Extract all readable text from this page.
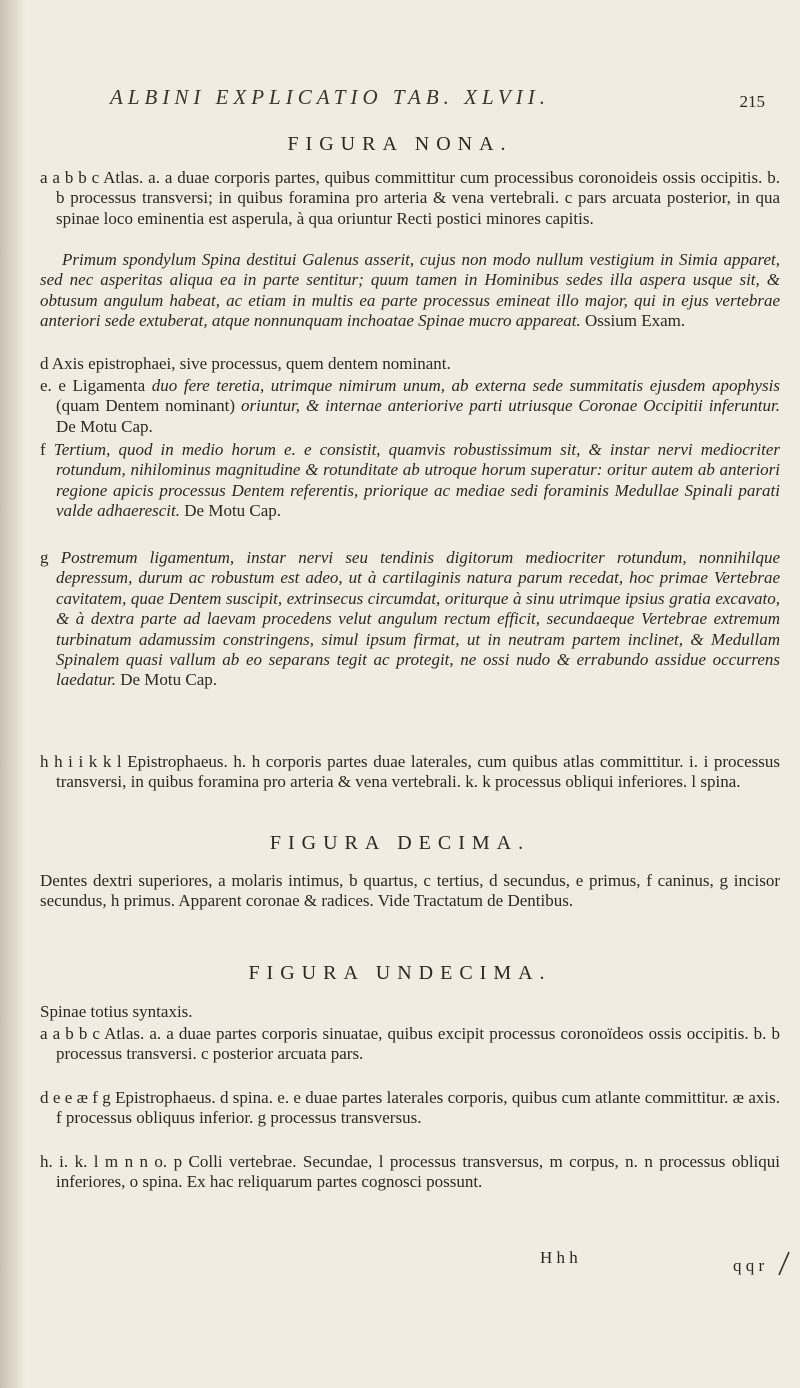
ALBINI EXPLICATIO TAB. XLVII.	215
FIGURA NONA.

a a b b c Atlas. a. a duae corporis partes, quibus committitur cum processibus coronoideis ossis occipitis. b. b processus transversi; in quibus foramina pro arteria & vena vertebrali. c pars arcuata posterior, in qua spinae loco eminentia est asperula, à qua oriuntur Recti postici minores capitis.

Primum spondylum Spina destitui Galenus asserit, cujus non modo nullum vestigium in Simia apparet, sed nec asperitas aliqua ea in parte sentitur; quum tamen in Hominibus sedes illa aspera usque sit, & obtusum angulum habeat, ac etiam in multis ea parte processus emineat illo major, qui in ejus vertebrae anteriori sede extuberat, atque nonnunquam inchoatae Spinae mucro appareat. Ossium Exam.

d Axis epistrophaei, sive processus, quem dentem nominant.

e. e Ligamenta duo fere teretia, utrimque nimirum unum, ab externa sede summitatis ejusdem apophysis (quam Dentem nominant) oriuntur, & internae anteriorive parti utriusque Coronae Occipitii inferuntur. De Motu Cap.

f Tertium, quod in medio horum e. e consistit, quamvis robustissimum sit, & instar nervi mediocriter rotundum, nihilominus magnitudine & rotunditate ab utroque horum superatur: oritur autem ab anteriori regione apicis processus Dentem referentis, priorique ac mediae sedi foraminis Medullae Spinali parati valde adhaerescit. De Motu Cap.

g Postremum ligamentum, instar nervi seu tendinis digitorum mediocriter rotundum, nonnihilque depressum, durum ac robustum est adeo, ut à cartilaginis natura parum recedat, hoc primae Vertebrae cavitatem, quae Dentem suscipit, extrinsecus circumdat, oriturque à sinu utrimque ipsius gratia excavato, & à dextra parte ad laevam procedens velut angulum rectum efficit, secundaeque Vertebrae extremum turbinatum adamussim constringens, simul ipsum firmat, ut in neutram partem inclinet, & Medullam Spinalem quasi vallum ab eo separans tegit ac protegit, ne ossi nudo & errabundo assidue occurrens laedatur. De Motu Cap.

h h i i k k l Epistrophaeus. h. h corporis partes duae laterales, cum quibus atlas committitur. i. i processus transversi, in quibus foramina pro arteria & vena vertebrali. k. k processus obliqui inferiores. l spina.

FIGURA DECIMA.

Dentes dextri superiores, a molaris intimus, b quartus, c tertius, d secundus, e primus, f caninus, g incisor secundus, h primus. Apparent coronae & radices. Vide Tractatum de Dentibus.

FIGURA UNDECIMA.

Spinae totius syntaxis.

a a b b c Atlas. a. a duae partes corporis sinuatae, quibus excipit processus coronoïdeos ossis occipitis. b. b processus transversi. c posterior arcuata pars.

d e e æ f g Epistrophaeus. d spina. e. e duae partes laterales corporis, quibus cum atlante committitur. æ axis. f processus obliquus inferior. g processus transversus.

h. i. k. l m n n o. p Colli vertebrae. Secundae, l processus transversus, m corpus, n. n processus obliqui inferiores, o spina. Ex hac reliquarum partes cognosci possunt.

H h h	q q r
